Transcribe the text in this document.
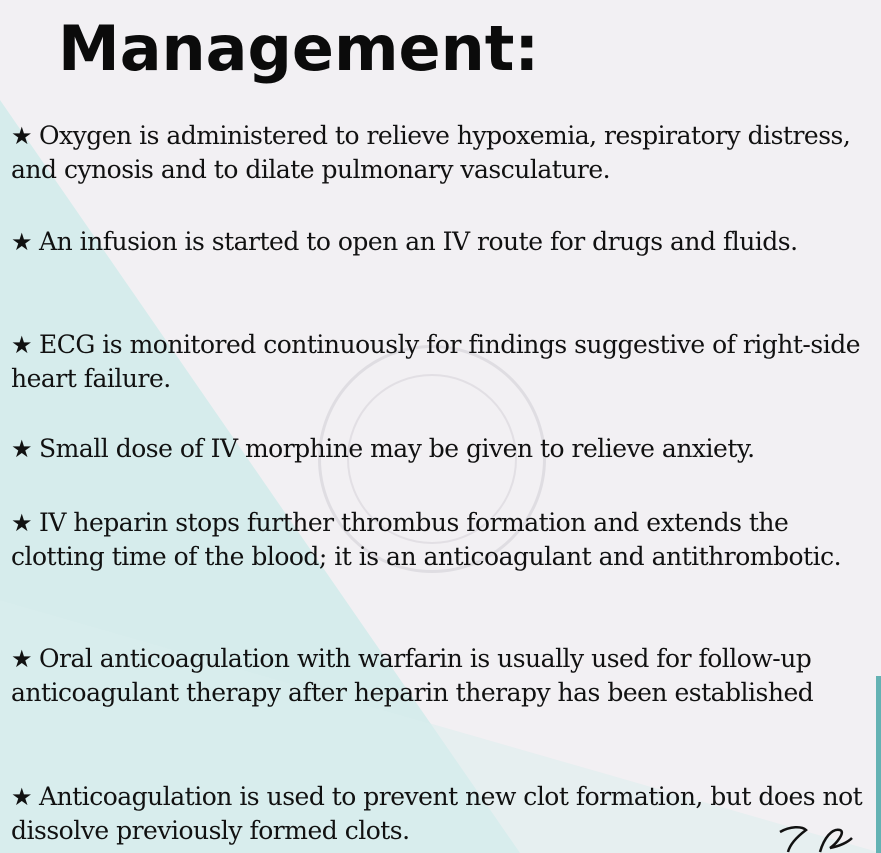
Management:

★ Oxygen is administered to relieve hypoxemia, respiratory distress, and cynosis and to dilate pulmonary vasculature.

★ An infusion is started to open an IV route for drugs and fluids.

★ ECG is monitored continuously for findings suggestive of right-side heart failure.

★ Small dose of IV morphine may be given to relieve anxiety.

★ IV heparin stops further thrombus formation and extends the clotting time of the blood; it is an anticoagulant and antithrombotic.

★ Oral anticoagulation with warfarin is usually used for follow-up anticoagulant therapy after heparin therapy has been established

★ Anticoagulation is used to prevent new clot formation, but does not dissolve previously formed clots.
